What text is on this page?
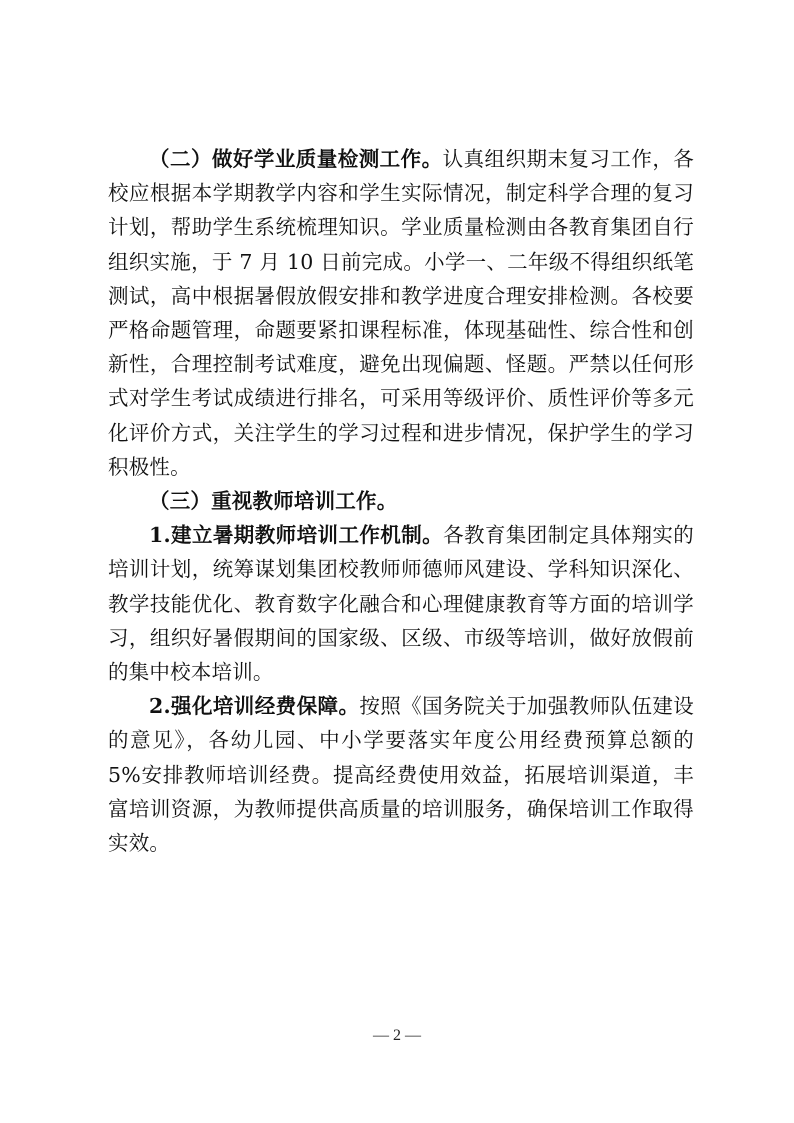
（二）做好学业质量检测工作。认真组织期末复习工作，各校应根据本学期教学内容和学生实际情况，制定科学合理的复习计划，帮助学生系统梳理知识。学业质量检测由各教育集团自行组织实施，于 7 月 10 日前完成。小学一、二年级不得组织纸笔测试，高中根据暑假放假安排和教学进度合理安排检测。各校要严格命题管理，命题要紧扣课程标准，体现基础性、综合性和创新性，合理控制考试难度，避免出现偏题、怪题。严禁以任何形式对学生考试成绩进行排名，可采用等级评价、质性评价等多元化评价方式，关注学生的学习过程和进步情况，保护学生的学习积极性。

（三）重视教师培训工作。

1.建立暑期教师培训工作机制。各教育集团制定具体翔实的培训计划，统筹谋划集团校教师师德师风建设、学科知识深化、教学技能优化、教育数字化融合和心理健康教育等方面的培训学习，组织好暑假期间的国家级、区级、市级等培训，做好放假前的集中校本培训。

2.强化培训经费保障。按照《国务院关于加强教师队伍建设的意见》，各幼儿园、中小学要落实年度公用经费预算总额的 5%安排教师培训经费。提高经费使用效益，拓展培训渠道，丰富培训资源，为教师提供高质量的培训服务，确保培训工作取得实效。

— 2 —
